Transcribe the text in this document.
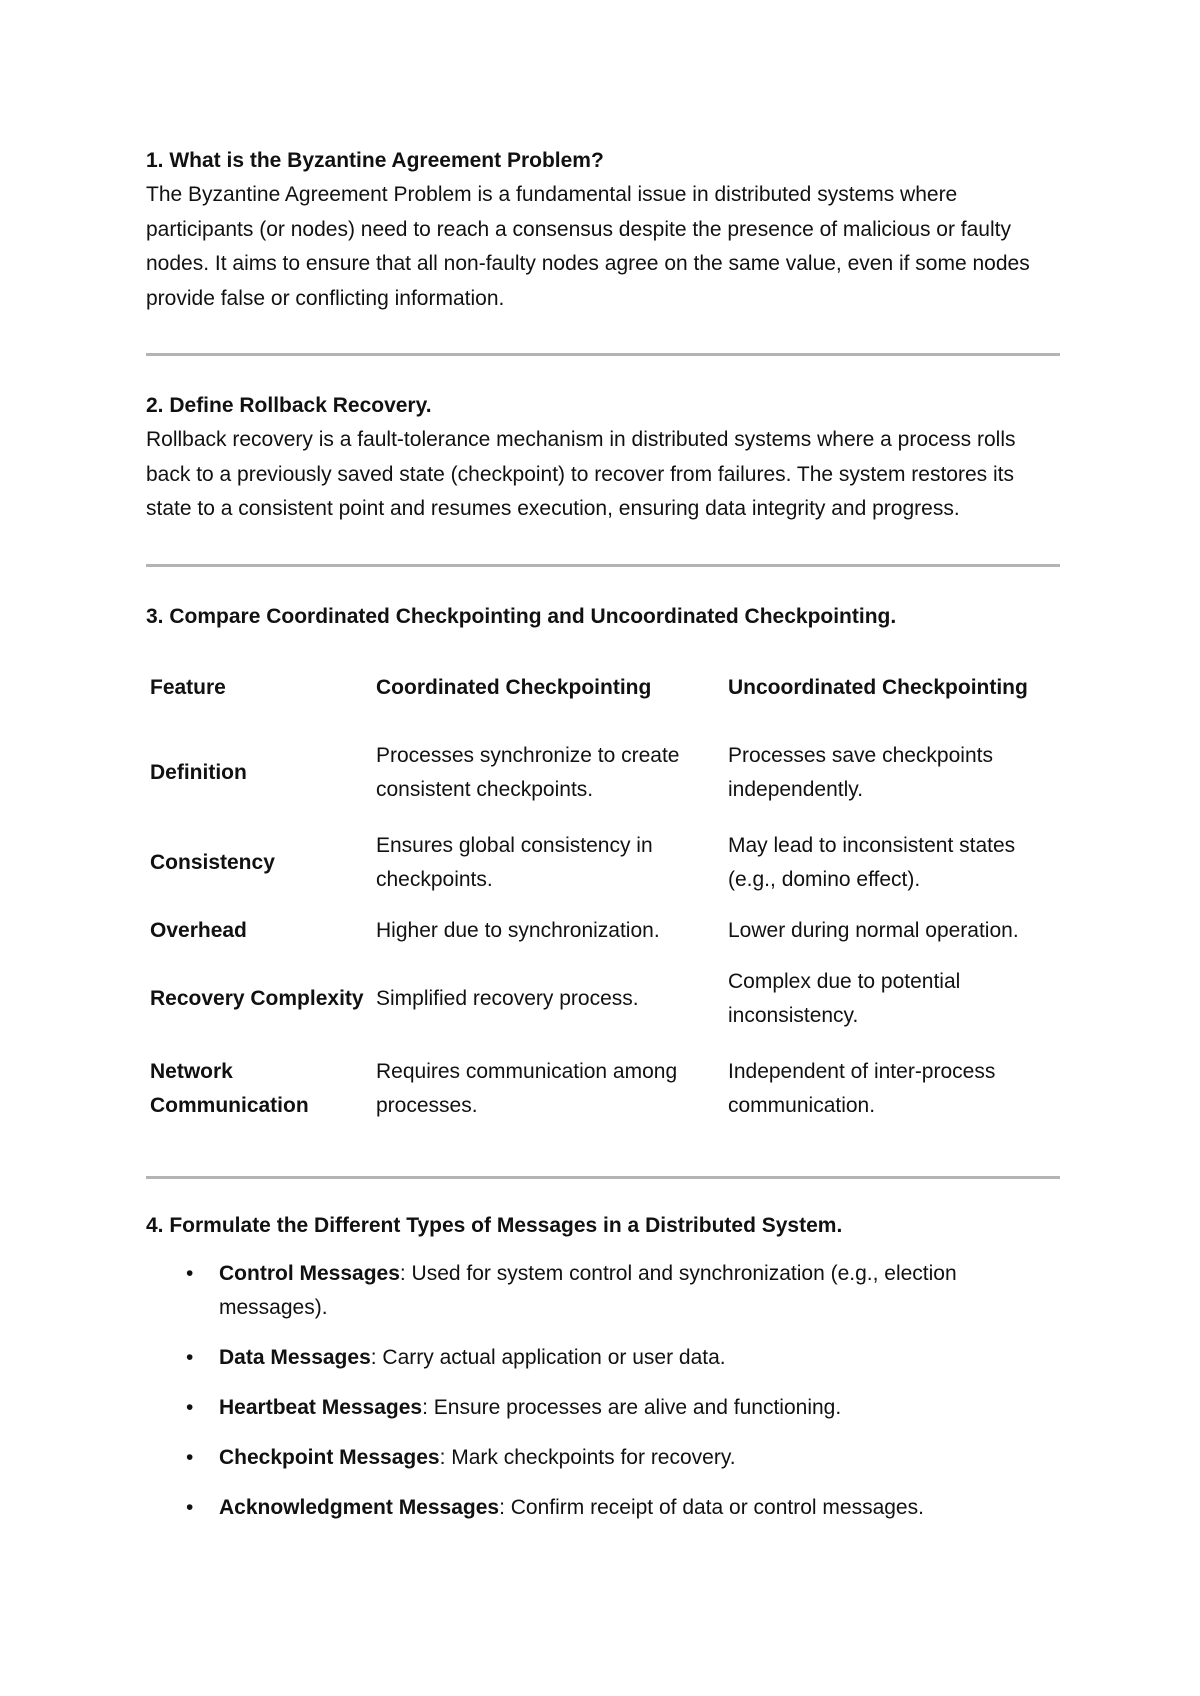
1. What is the Byzantine Agreement Problem?

The Byzantine Agreement Problem is a fundamental issue in distributed systems where participants (or nodes) need to reach a consensus despite the presence of malicious or faulty nodes. It aims to ensure that all non-faulty nodes agree on the same value, even if some nodes provide false or conflicting information.

2. Define Rollback Recovery.

Rollback recovery is a fault-tolerance mechanism in distributed systems where a process rolls back to a previously saved state (checkpoint) to recover from failures. The system restores its state to a consistent point and resumes execution, ensuring data integrity and progress.

3. Compare Coordinated Checkpointing and Uncoordinated Checkpointing.

Feature	Coordinated Checkpointing	Uncoordinated Checkpointing
Definition	Processes synchronize to create consistent checkpoints.	Processes save checkpoints independently.
Consistency	Ensures global consistency in checkpoints.	May lead to inconsistent states (e.g., domino effect).
Overhead	Higher due to synchronization.	Lower during normal operation.
Recovery Complexity	Simplified recovery process.	Complex due to potential inconsistency.
Network Communication	Requires communication among processes.	Independent of inter-process communication.

4. Formulate the Different Types of Messages in a Distributed System.

• Control Messages: Used for system control and synchronization (e.g., election messages).
• Data Messages: Carry actual application or user data.
• Heartbeat Messages: Ensure processes are alive and functioning.
• Checkpoint Messages: Mark checkpoints for recovery.
• Acknowledgment Messages: Confirm receipt of data or control messages.
